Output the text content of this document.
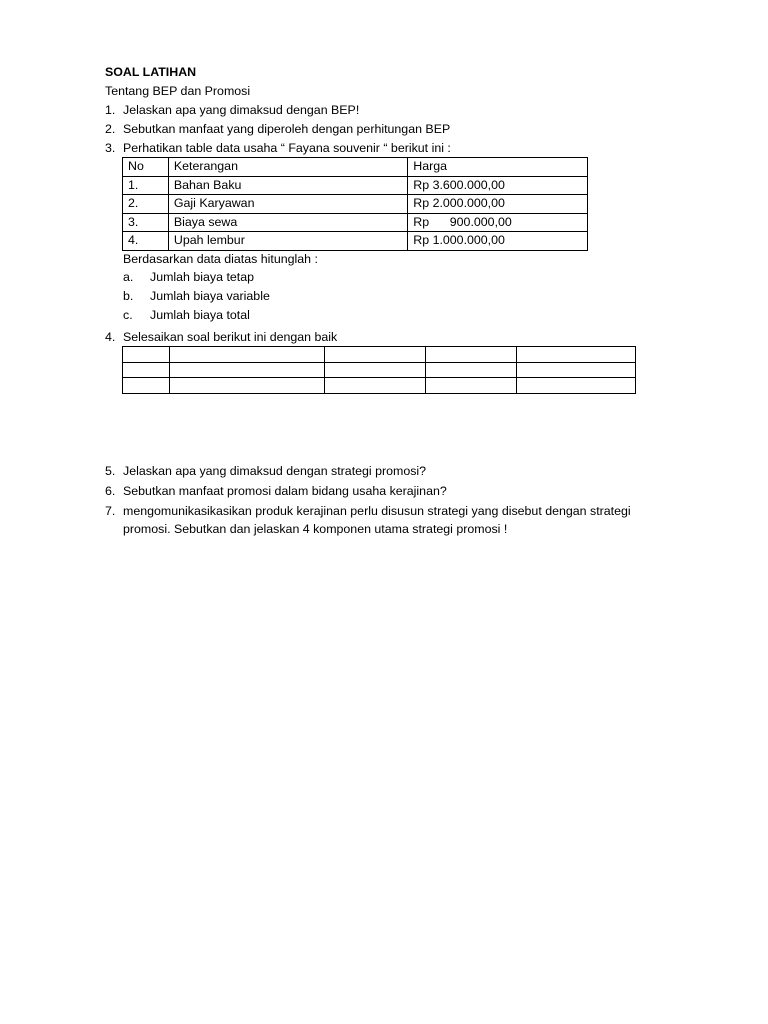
SOAL LATIHAN
Tentang BEP dan Promosi
1. Jelaskan apa yang dimaksud dengan BEP!
2. Sebutkan manfaat yang diperoleh dengan perhitungan BEP
3. Perhatikan table data usaha “ Fayana souvenir “ berikut ini :
No	Keterangan	Harga
1.	Bahan Baku	Rp 3.600.000,00
2.	Gaji Karyawan	Rp 2.000.000,00
3.	Biaya sewa	Rp      900.000,00
4.	Upah lembur	Rp 1.000.000,00
Berdasarkan data diatas hitunglah :
a. Jumlah biaya tetap
b. Jumlah biaya variable
c. Jumlah biaya total
4. Selesaikan soal berikut ini dengan baik

5. Jelaskan apa yang dimaksud dengan strategi promosi?
6. Sebutkan manfaat promosi dalam bidang usaha kerajinan?
7. mengomunikasikasikan produk kerajinan perlu disusun strategi yang disebut dengan strategi
promosi. Sebutkan dan jelaskan 4 komponen utama strategi promosi !
